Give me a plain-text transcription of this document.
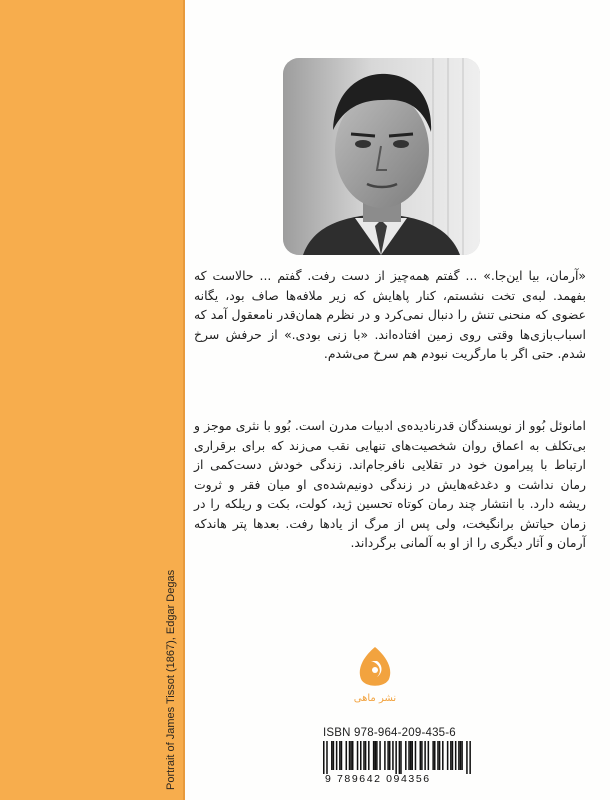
Portrait of James Tissot (1867), Edgar Degas
«آرمان، بیا این‌جا.» ... گفتم همه‌چیز از دست رفت. گفتم ... حالاست که بفهمد. لبه‌ی تخت نشستم، کنار پاهایش که زیر ملافه‌ها صاف بود، یگانه عضوی که منحنی تنش را دنبال نمی‌کرد و در نظرم همان‌قدر نامعقول آمد که اسباب‌بازی‌ها وقتی روی زمین افتاده‌اند. «با زنی بودی.» از حرفش سرخ شدم. حتی اگر با مارگریت نبودم هم سرخ می‌شدم.
امانوئل بُوو از نویسندگان قدرنادیده‌ی ادبیات مدرن است. بُوو با نثری موجز و بی‌تکلف به اعماق روان شخصیت‌های تنهایی نقب می‌زند که برای برقراری ارتباط با پیرامون خود در تقلایی نافرجام‌اند. زندگی خودش دست‌کمی از رمان نداشت و دغدغه‌هایش در زندگی دونیم‌شده‌ی او میان فقر و ثروت ریشه دارد. با انتشار چند رمان کوتاه تحسین ژید، کولت، بکت و ریلکه را در زمان حیاتش برانگیخت، ولی پس از مرگ از یادها رفت. بعدها پتر هاندکه آرمان و آثار دیگری را از او به آلمانی برگرداند.
نشر ماهی
ISBN 978-964-209-435-6
9 789642 094356
